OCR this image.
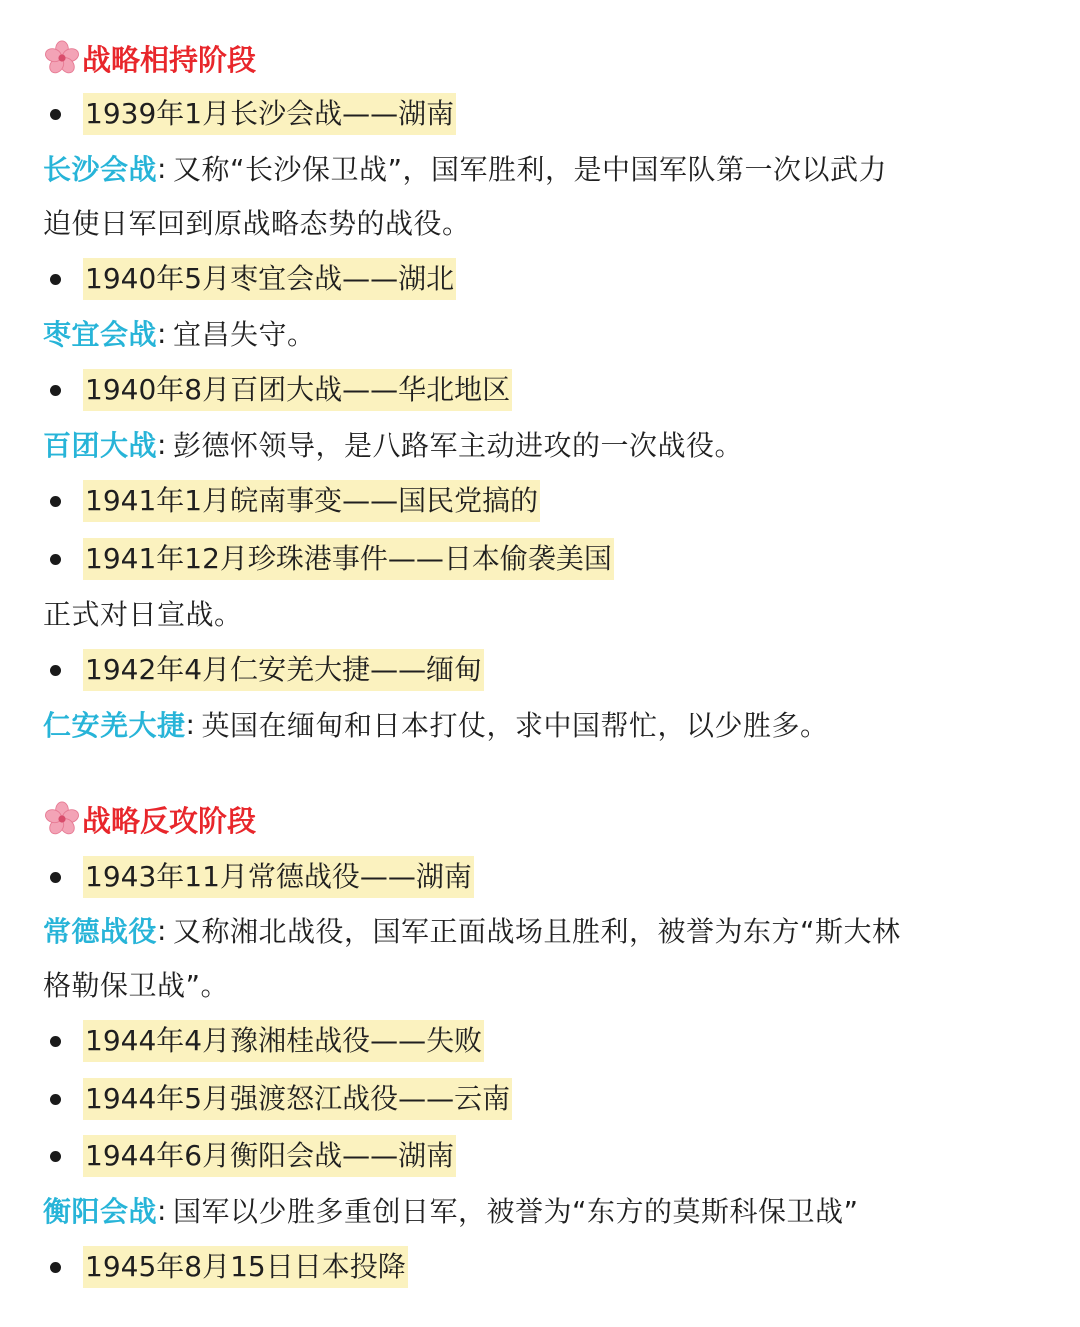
战略相持阶段
1939年1月长沙会战——湖南
长沙会战 : 又称“长沙保卫战”，国军胜利，是中国军队第一次以武力
迫使日军回到原战略态势的战役。
1940年5月枣宜会战——湖北
枣宜会战 : 宜昌失守。
1940年8月百团大战——华北地区
百团大战 : 彭德怀领导，是八路军主动进攻的一次战役。
1941年1月皖南事变——国民党搞的
1941年12月珍珠港事件——日本偷袭美国
正式对日宣战。
1942年4月仁安羌大捷——缅甸
仁安羌大捷 : 英国在缅甸和日本打仗，求中国帮忙，以少胜多。
战略反攻阶段
1943年11月常德战役——湖南
常德战役 : 又称湘北战役，国军正面战场且胜利，被誉为东方“斯大林
格勒保卫战”。
1944年4月豫湘桂战役——失败
1944年5月强渡怒江战役——云南
1944年6月衡阳会战——湖南
衡阳会战 : 国军以少胜多重创日军，被誉为“东方的莫斯科保卫战”
1945年8月15日日本投降
